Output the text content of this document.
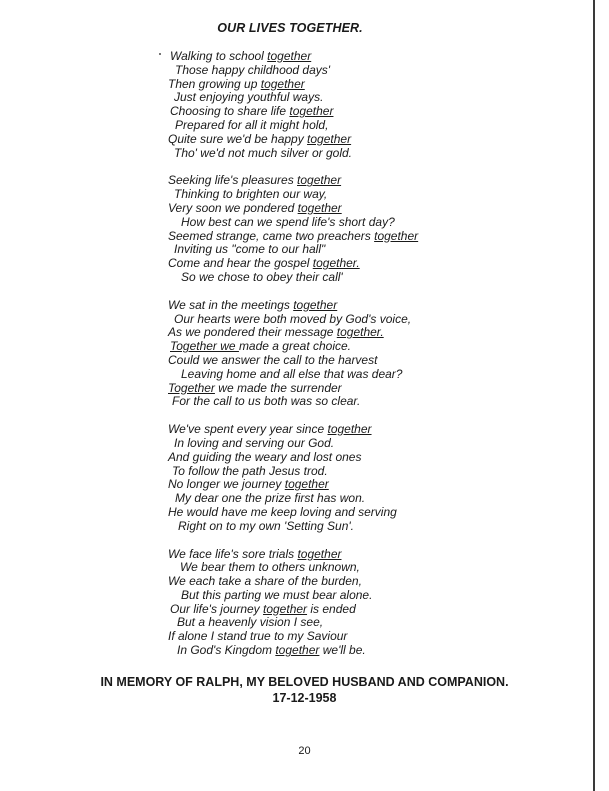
OUR LIVES TOGETHER.
Walking to school together
Those happy childhood days'
Then growing up together
Just enjoying youthful ways.
Choosing to share life together
Prepared for all it might hold,
Quite sure we'd be happy together
Tho' we'd not much silver or gold.
Seeking life's pleasures together
Thinking to brighten our way,
Very soon we pondered together
How best can we spend life's short day?
Seemed strange, came two preachers together
Inviting us "come to our hall"
Come and hear the gospel together.
So we chose to obey their call'
We sat in the meetings together
Our hearts were both moved by God's voice,
As we pondered their message together.
Together we made a great choice.
Could we answer the call to the harvest
Leaving home and all else that was dear?
Together we made the surrender
For the call to us both was so clear.
We've spent every year since together
In loving and serving our God.
And guiding the weary and lost ones
To follow the path Jesus trod.
No longer we journey together
My dear one the prize first has won.
He would have me keep loving and serving
Right on to my own 'Setting Sun'.
We face life's sore trials together
We bear them to others unknown,
We each take a share of the burden,
But this parting we must bear alone.
Our life's journey together is ended
But a heavenly vision I see,
If alone I stand true to my Saviour
In God's Kingdom together we'll be.
IN MEMORY OF RALPH, MY BELOVED HUSBAND AND COMPANION.
17-12-1958
20
